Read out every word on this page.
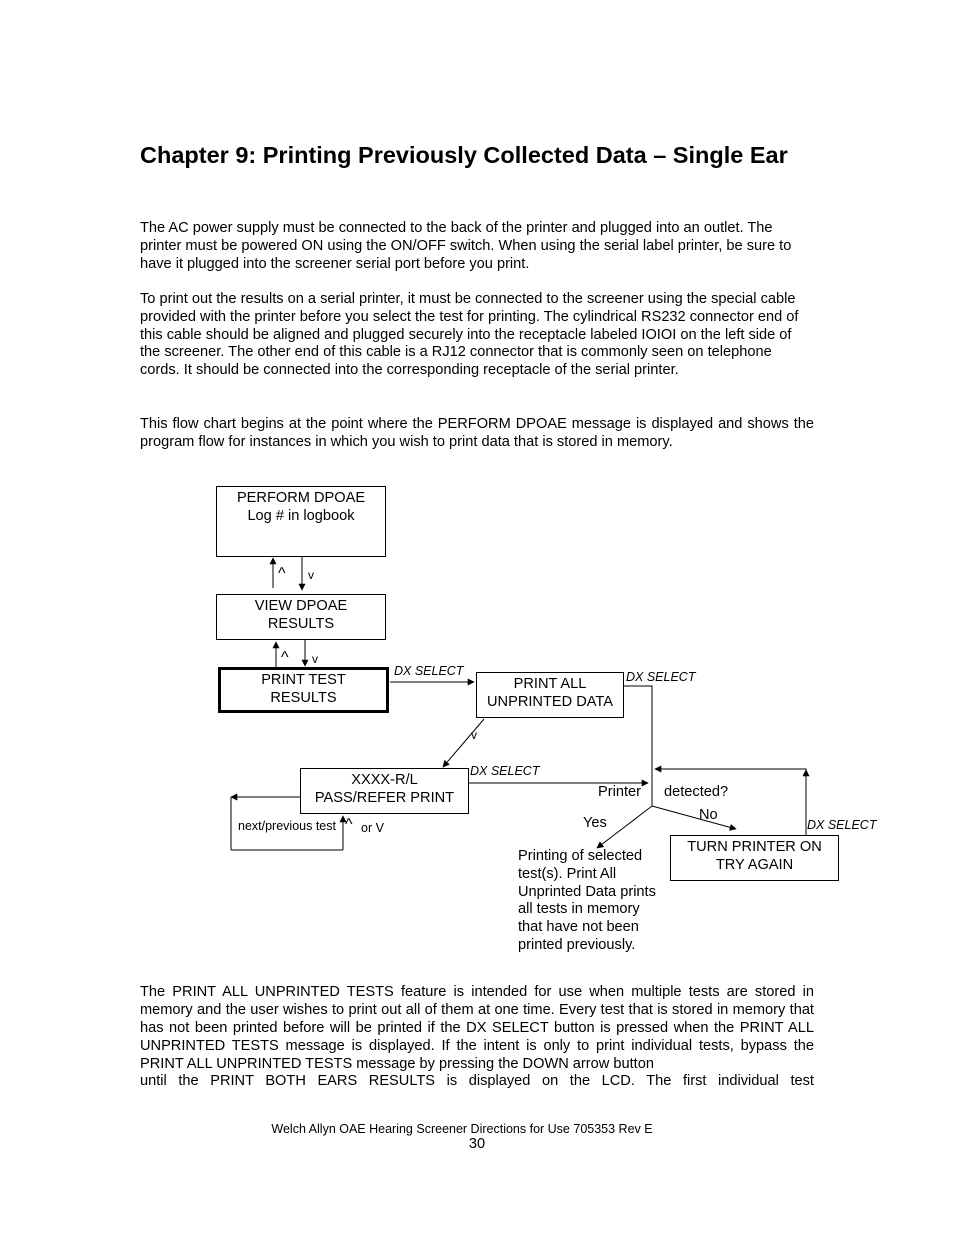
Chapter 9: Printing Previously Collected Data – Single Ear

The AC power supply must be connected to the back of the printer and plugged into an outlet. The printer must be powered ON using the ON/OFF switch. When using the serial label printer, be sure to have it plugged into the screener serial port before you print.

To print out the results on a serial printer, it must be connected to the screener using the special cable provided with the printer before you select the test for printing. The cylindrical RS232 connector end of this cable should be aligned and plugged securely into the receptacle labeled IOIOI on the left side of the screener. The other end of this cable is a RJ12 connector that is commonly seen on telephone cords. It should be connected into the corresponding receptacle of the serial printer.

This flow chart begins at the point where the PERFORM DPOAE message is displayed and shows the program flow for instances in which you wish to print data that is stored in memory.

PERFORM DPOAE
Log # in logbook
VIEW DPOAE
RESULTS
PRINT TEST
RESULTS
PRINT ALL
UNPRINTED DATA
XXXX-R/L
PASS/REFER PRINT
TURN PRINTER ON
TRY AGAIN
^ v
^ v
v
^
DX SELECT	DX SELECT
DX SELECT
DX SELECT
Printer detected?
Yes	No
next/previous test or V

Printing of selected test(s). Print All Unprinted Data prints all tests in memory that have not been printed previously.

The PRINT ALL UNPRINTED TESTS feature is intended for use when multiple tests are stored in memory and the user wishes to print out all of them at one time. Every test that is stored in memory that has not been printed before will be printed if the DX SELECT button is pressed when the PRINT ALL UNPRINTED TESTS message is displayed. If the intent is only to print individual tests, bypass the PRINT ALL UNPRINTED TESTS message by pressing the DOWN arrow button

until the PRINT BOTH EARS RESULTS is displayed on the LCD. The first individual test

Welch Allyn OAE Hearing Screener Directions for Use 705353 Rev E
30
